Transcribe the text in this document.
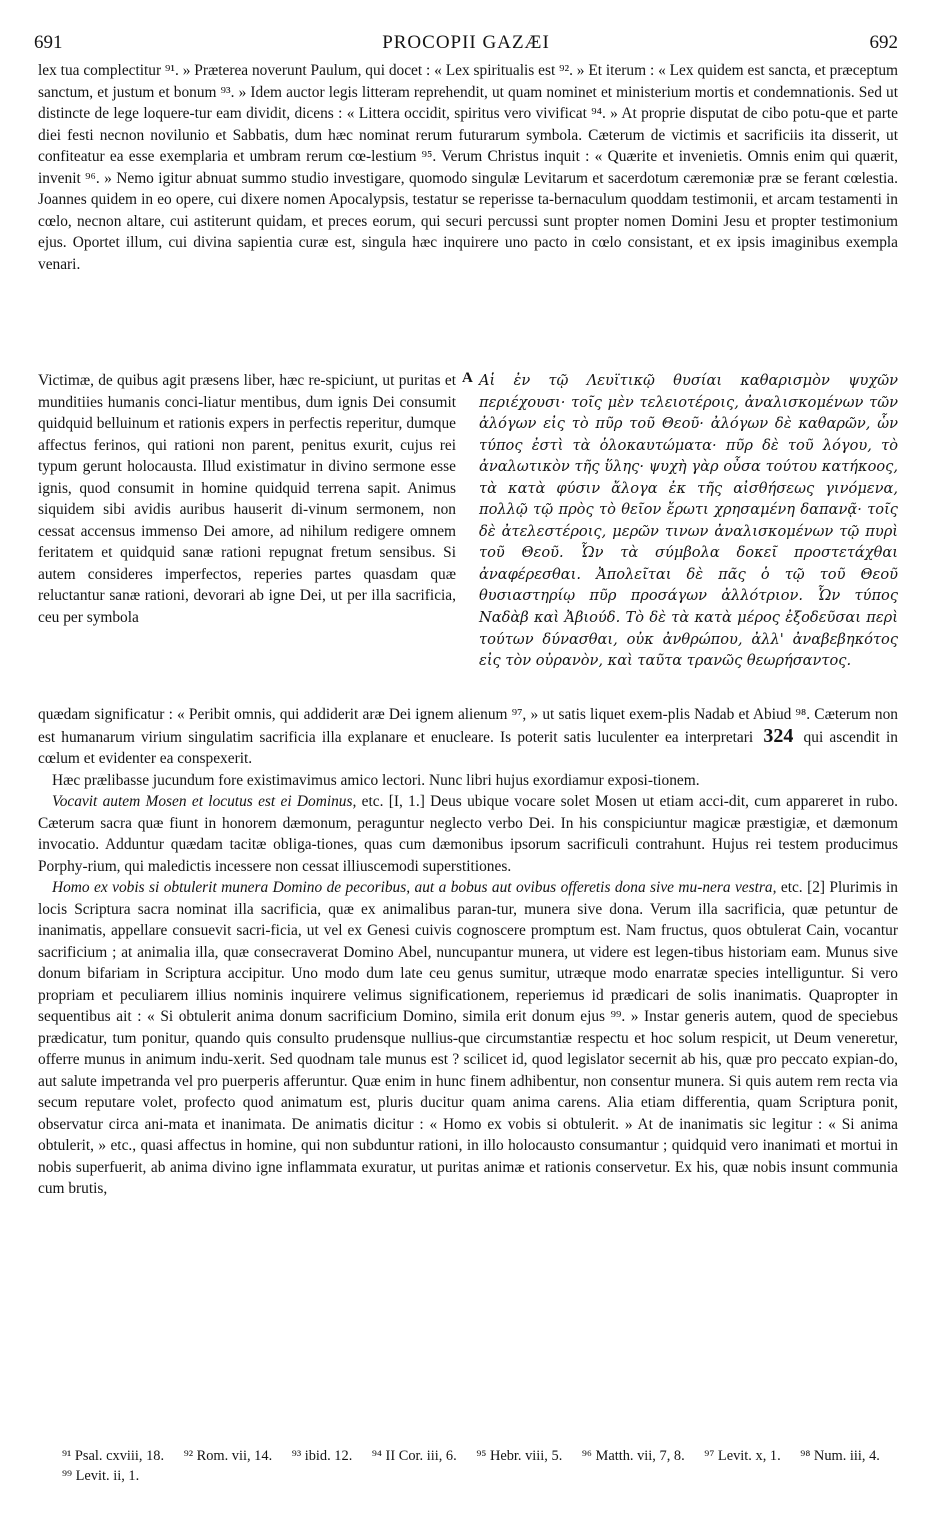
691	PROCOPII GAZÆI	692
lex tua complectitur ⁹¹. » Præterea noverunt Paulum, qui docet : « Lex spiritualis est ⁹². » Et iterum : « Lex quidem est sancta, et præceptum sanctum, et justum et bonum ⁹³. » Idem auctor legis litteram reprehendit, ut quam nominet et ministerium mortis et condemnationis. Sed ut distincte de lege loquere-tur eam dividit, dicens : « Littera occidit, spiritus vero vivificat ⁹⁴. » At proprie disputat de cibo potu-que et parte diei festi necnon novilunio et Sabbatis, dum hæc nominat rerum futurarum symbola. Cæterum de victimis et sacrificiis ita disserit, ut confiteatur ea esse exemplaria et umbram rerum cœ-lestium ⁹⁵. Verum Christus inquit : « Quærite et invenietis. Omnis enim qui quærit, invenit ⁹⁶. » Nemo igitur abnuat summo studio investigare, quomodo singulæ Levitarum et sacerdotum cæremoniæ præ se ferant cœlestia. Joannes quidem in eo opere, cui dixere nomen Apocalypsis, testatur se reperisse ta-bernaculum quoddam testimonii, et arcam testamenti in cœlo, necnon altare, cui astiterunt quidam, et preces eorum, qui securi percussi sunt propter nomen Domini Jesu et propter testimonium ejus. Oportet illum, cui divina sapientia curæ est, singula hæc inquirere uno pacto in cœlo consistant, et ex ipsis imaginibus exempla venari.
Victimæ, de quibus agit præsens liber, hæc re-spiciunt, ut puritas et munditiies humanis conci-liatur mentibus, dum ignis Dei consumit quidquid belluinum et rationis expers in perfectis reperitur, dumque affectus ferinos, qui rationi non parent, penitus exurit, cujus rei typum gerunt holocausta. Illud existimatur in divino sermone esse ignis, quod consumit in homine quidquid terrena sapit. Animus siquidem sibi avidis auribus hauserit di-vinum sermonem, non cessat accensus immenso Dei amore, ad nihilum redigere omnem feritatem et quidquid sanæ rationi repugnat fretum sensibus. Si autem consideres imperfectos, reperies partes quasdam quæ reluctantur sanæ rationi, devorari ab igne Dei, ut per illa sacrificia, ceu per symbola
A Αἱ ἐν τῷ Λευϊτικῷ θυσίαι καθαρισμὸν ψυχῶν περιέχουσι· τοῖς μὲν τελειοτέροις, ἀναλισκομένων τῶν ἀλόγων εἰς τὸ πῦρ τοῦ Θεοῦ· ἀλόγων δὲ καθαρῶν, ὧν τύπος ἐστὶ τὰ ὁλοκαυτώματα· πῦρ δὲ τοῦ λόγου, τὸ ἀναλωτικὸν τῆς ὕλης· ψυχὴ γὰρ οὖσα τούτου κατήκοος, τὰ κατὰ φύσιν ἄλογα ἐκ τῆς αἰσθήσεως γινόμενα, πολλῷ τῷ πρὸς τὸ θεῖον ἔρωτι χρησαμένη δαπανᾷ· τοῖς δὲ ἀτελεστέροις, μερῶν τινων ἀναλισκομένων τῷ πυρὶ τοῦ Θεοῦ. Ὧν τὰ σύμβολα δοκεῖ προστετάχθαι ἀναφέρεσθαι. Ἀπολεῖται δὲ πᾶς ὁ τῷ τοῦ Θεοῦ θυσιαστηρίῳ πῦρ προσάγων ἀλλότριον. Ὧν τύπος Ναδὰβ καὶ Ἀβιούδ. Τὸ δὲ τὰ κατὰ μέρος ἐξοδεῦσαι περὶ τούτων δύνασθαι, οὐκ ἀνθρώπου, ἀλλ' ἀναβεβηκότος εἰς τὸν οὐρανὸν, καὶ ταῦτα τρανῶς θεωρήσαντος.

quædam significatur : « Peribit omnis, qui addiderit aræ Dei ignem alienum ⁹⁷, » ut satis liquet exem-plis Nadab et Abiud ⁹⁸. Cæterum non est humanarum virium singulatim sacrificia illa explanare et enucleare. Is poterit satis luculenter ea interpretari 324 qui ascendit in cœlum et evidenter ea conspexerit.

Hæc prælibasse jucundum fore existimavimus amico lectori. Nunc libri hujus exordiamur exposi-tionem.

Vocavit autem Mosen et locutus est ei Dominus, etc. [I, 1.] Deus ubique vocare solet Mosen ut etiam acci-dit, cum appareret in rubo. Cæterum sacra quæ fiunt in honorem dæmonum, peraguntur neglecto verbo Dei. In his conspiciuntur magicæ præstigiæ, et dæmonum invocatio. Adduntur quædam tacitæ obliga-tiones, quas cum dæmonibus ipsorum sacrificuli contrahunt. Hujus rei testem producimus Porphy-rium, qui maledictis incessere non cessat illiuscemodi superstitiones.

Homo ex vobis si obtulerit munera Domino de pecoribus, aut a bobus aut ovibus offeretis dona sive mu-nera vestra, etc. [2] Plurimis in locis Scriptura sacra nominat illa sacrificia, quæ ex animalibus paran-tur, munera sive dona. Verum illa sacrificia, quæ petuntur de inanimatis, appellare consuevit sacri-ficia, ut vel ex Genesi cuivis cognoscere promptum est. Nam fructus, quos obtulerat Cain, vocantur sacrificium ; at animalia illa, quæ consecraverat Domino Abel, nuncupantur munera, ut videre est legen-tibus historiam eam. Munus sive donum bifariam in Scriptura accipitur. Uno modo dum late ceu genus sumitur, utræque modo enarratæ species intelliguntur. Si vero propriam et peculiarem illius nominis inquirere velimus significationem, reperiemus id prædicari de solis inanimatis. Quapropter in sequentibus ait : « Si obtulerit anima donum sacrificium Domino, simila erit donum ejus ⁹⁹. » Instar generis autem, quod de speciebus prædicatur, tum ponitur, quando quis consulto prudensque nullius-que circumstantiæ respectu et hoc solum respicit, ut Deum veneretur, offerre munus in animum indu-xerit. Sed quodnam tale munus est ? scilicet id, quod legislator secernit ab his, quæ pro peccato expian-do, aut salute impetranda vel pro puerperis afferuntur. Quæ enim in hunc finem adhibentur, non consentur munera. Si quis autem rem recta via secum reputare volet, profecto quod animatum est, pluris ducitur quam anima carens. Alia etiam differentia, quam Scriptura ponit, observatur circa ani-mata et inanimata. De animatis dicitur : « Homo ex vobis si obtulerit. » At de inanimatis sic legitur : « Si anima obtulerit, » etc., quasi affectus in homine, qui non subduntur rationi, in illo holocausto consumantur ; quidquid vero inanimati et mortui in nobis superfuerit, ab anima divino igne inflammata exuratur, ut puritas animæ et rationis conservetur. Ex his, quæ nobis insunt communia cum brutis,

⁹¹ Psal. cxviii, 18. ⁹² Rom. vii, 14. ⁹³ ibid. 12. ⁹⁴ II Cor. iii, 6. ⁹⁵ Hebr. viii, 5. ⁹⁶ Matth. vii, 7, 8. ⁹⁷ Levit. x, 1. ⁹⁸ Num. iii, 4. ⁹⁹ Levit. ii, 1.
